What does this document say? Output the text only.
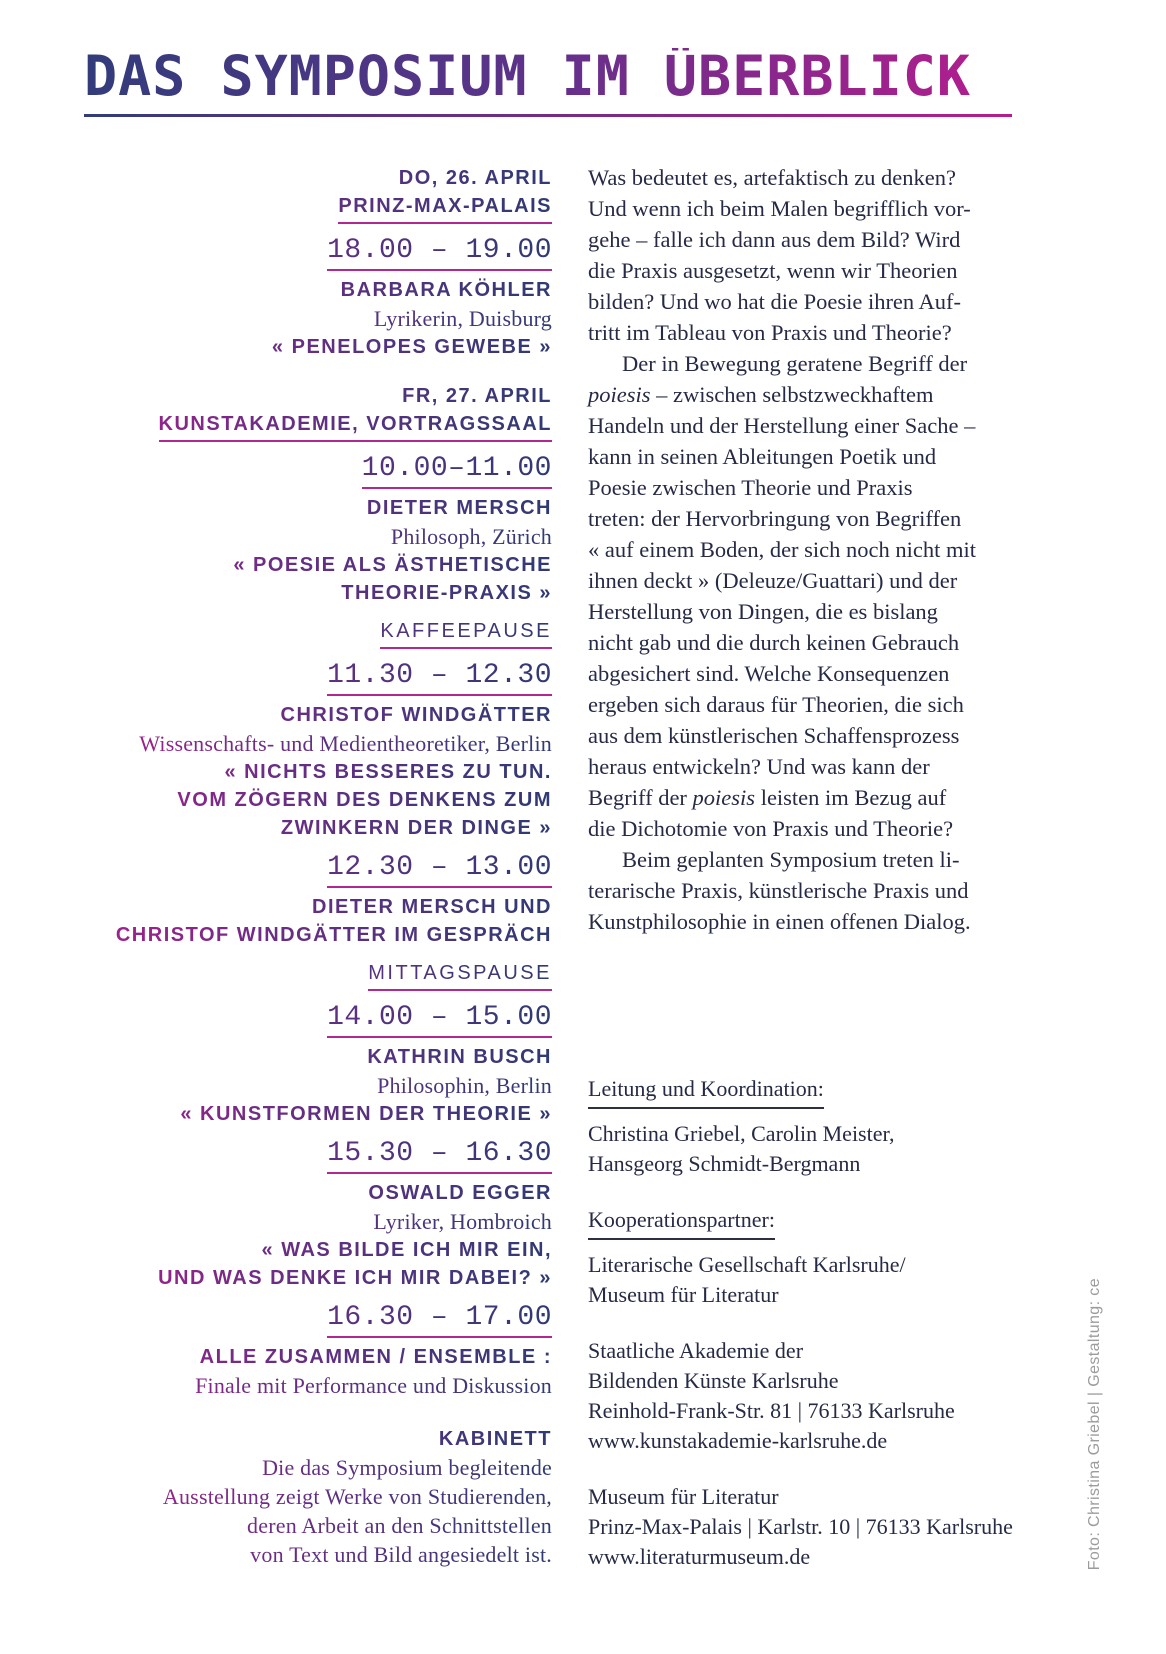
DAS SYMPOSIUM IM ÜBERBLICK
DO, 26. APRIL
PRINZ-MAX-PALAIS
18.00 – 19.00
BARBARA KÖHLER
Lyrikerin, Duisburg
« PENELOPES GEWEBE »
FR, 27. APRIL
KUNSTAKADEMIE, VORTRAGSSAAL
10.00–11.00
DIETER MERSCH
Philosoph, Zürich
« POESIE ALS ÄSTHETISCHE
THEORIE-PRAXIS »
KAFFEEPAUSE
11.30 – 12.30
CHRISTOF WINDGÄTTER
Wissenschafts- und Medientheoretiker, Berlin
« NICHTS BESSERES ZU TUN.
VOM ZÖGERN DES DENKENS ZUM
ZWINKERN DER DINGE »
12.30 – 13.00
DIETER MERSCH UND
CHRISTOF WINDGÄTTER IM GESPRÄCH
MITTAGSPAUSE
14.00 – 15.00
KATHRIN BUSCH
Philosophin, Berlin
« KUNSTFORMEN DER THEORIE »
15.30 – 16.30
OSWALD EGGER
Lyriker, Hombroich
« WAS BILDE ICH MIR EIN,
UND WAS DENKE ICH MIR DABEI? »
16.30 – 17.00
ALLE ZUSAMMEN / ENSEMBLE :
Finale mit Performance und Diskussion
KABINETT
Die das Symposium begleitende
Ausstellung zeigt Werke von Studierenden,
deren Arbeit an den Schnittstellen
von Text und Bild angesiedelt ist.
Was bedeutet es, artefaktisch zu denken?
Und wenn ich beim Malen begrifflich vor-
gehe – falle ich dann aus dem Bild? Wird
die Praxis ausgesetzt, wenn wir Theorien
bilden? Und wo hat die Poesie ihren Auf-
tritt im Tableau von Praxis und Theorie?
Der in Bewegung geratene Begriff der
poiesis – zwischen selbstzweckhaftem
Handeln und der Herstellung einer Sache –
kann in seinen Ableitungen Poetik und
Poesie zwischen Theorie und Praxis
treten: der Hervorbringung von Begriffen
« auf einem Boden, der sich noch nicht mit
ihnen deckt » (Deleuze/Guattari) und der
Herstellung von Dingen, die es bislang
nicht gab und die durch keinen Gebrauch
abgesichert sind. Welche Konsequenzen
ergeben sich daraus für Theorien, die sich
aus dem künstlerischen Schaffensprozess
heraus entwickeln? Und was kann der
Begriff der poiesis leisten im Bezug auf
die Dichotomie von Praxis und Theorie?
Beim geplanten Symposium treten li-
terarische Praxis, künstlerische Praxis und
Kunstphilosophie in einen offenen Dialog.
Leitung und Koordination:
Christina Griebel, Carolin Meister,
Hansgeorg Schmidt-Bergmann
Kooperationspartner:
Literarische Gesellschaft Karlsruhe/
Museum für Literatur
Staatliche Akademie der
Bildenden Künste Karlsruhe
Reinhold-Frank-Str. 81 | 76133 Karlsruhe
www.kunstakademie-karlsruhe.de
Museum für Literatur
Prinz-Max-Palais | Karlstr. 10 | 76133 Karlsruhe
www.literaturmuseum.de	Foto: Christina Griebel | Gestaltung: ce
